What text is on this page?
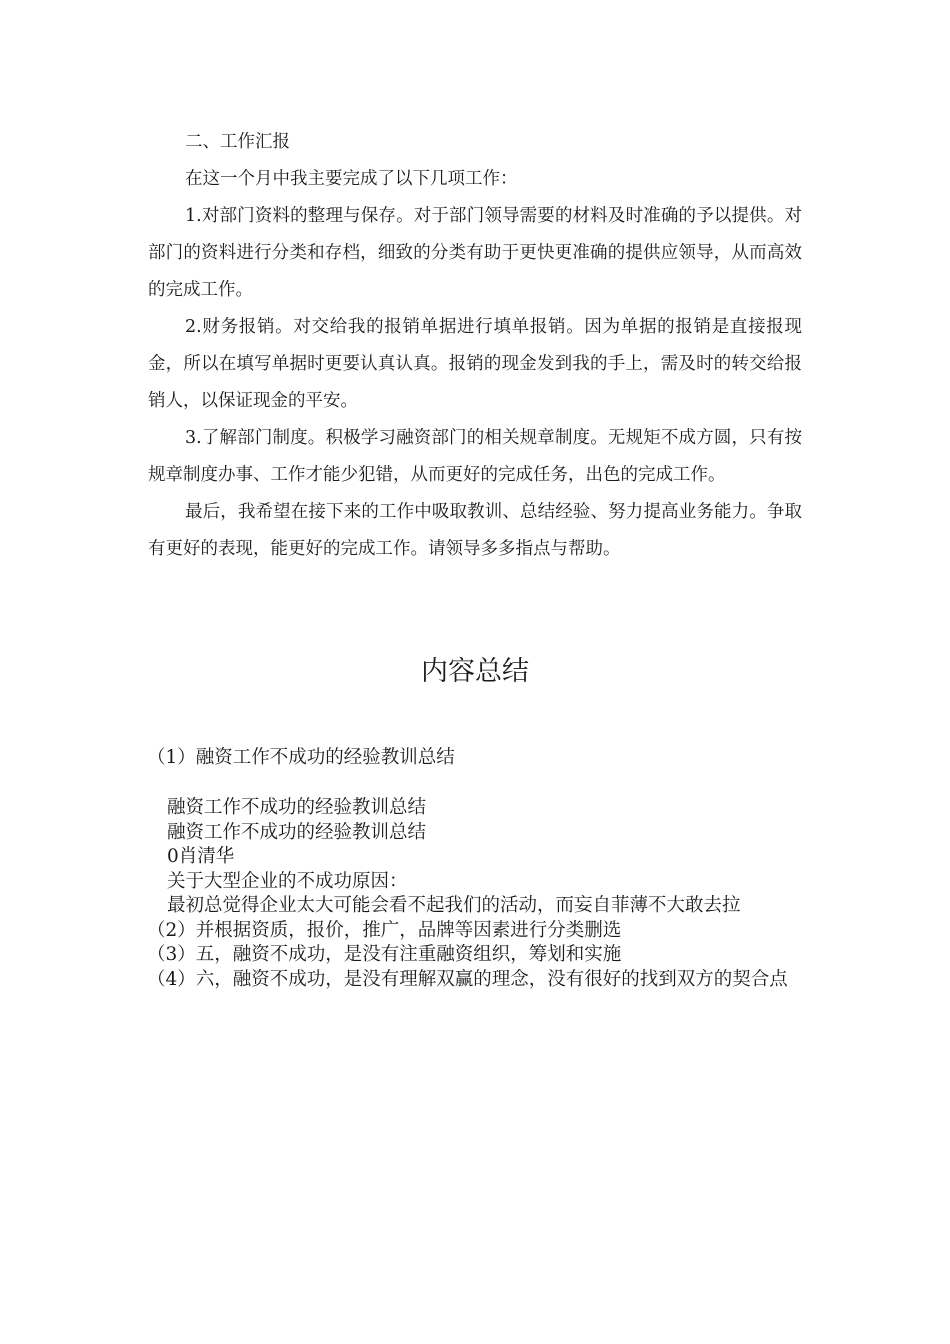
二、工作汇报

在这一个月中我主要完成了以下几项工作：

1.对部门资料的整理与保存。对于部门领导需要的材料及时准确的予以提供。对部门的资料进行分类和存档，细致的分类有助于更快更准确的提供应领导，从而高效的完成工作。

2.财务报销。对交给我的报销单据进行填单报销。因为单据的报销是直接报现金，所以在填写单据时更要认真认真。报销的现金发到我的手上，需及时的转交给报销人，以保证现金的平安。

3.了解部门制度。积极学习融资部门的相关规章制度。无规矩不成方圆，只有按规章制度办事、工作才能少犯错，从而更好的完成任务，出色的完成工作。

最后，我希望在接下来的工作中吸取教训、总结经验、努力提高业务能力。争取有更好的表现，能更好的完成工作。请领导多多指点与帮助。

内容总结
（1）融资工作不成功的经验教训总结
融资工作不成功的经验教训总结
融资工作不成功的经验教训总结
0肖清华
关于大型企业的不成功原因：
最初总觉得企业太大可能会看不起我们的活动，而妄自菲薄不大敢去拉
（2）并根据资质，报价，推广，品牌等因素进行分类删选
（3）五，融资不成功，是没有注重融资组织，筹划和实施
（4）六，融资不成功，是没有理解双赢的理念，没有很好的找到双方的契合点
